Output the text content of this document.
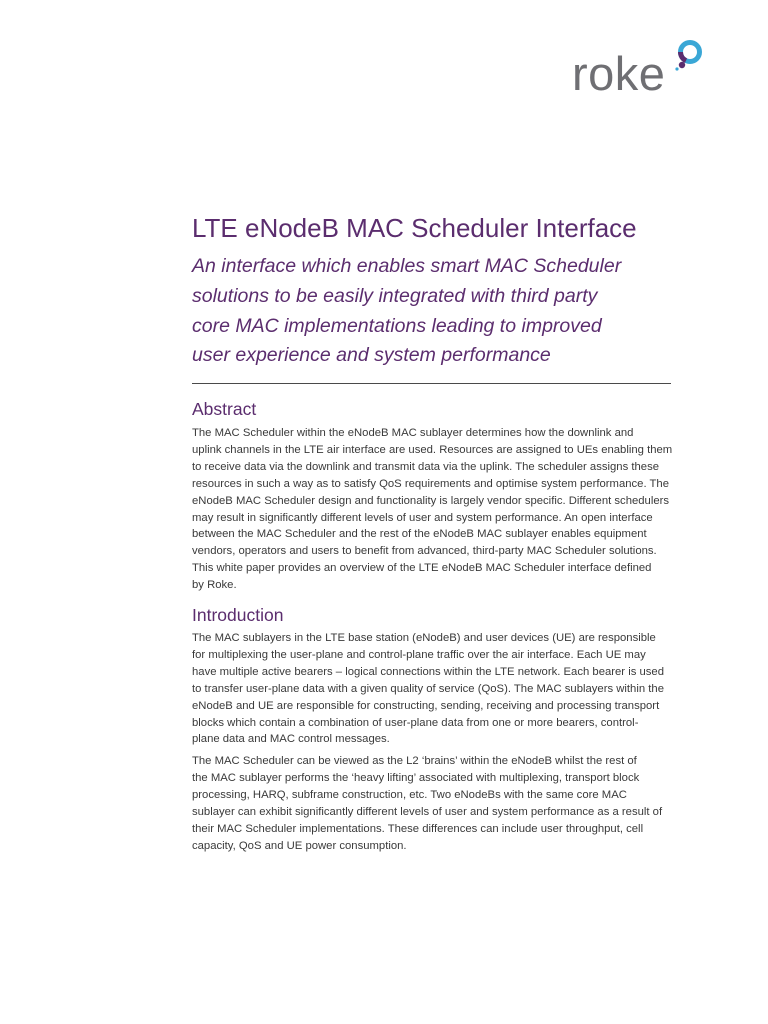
roke
LTE eNodeB MAC Scheduler Interface
An interface which enables smart MAC Scheduler
solutions to be easily integrated with third party
core MAC implementations leading to improved
user experience and system performance
Abstract
The MAC Scheduler within the eNodeB MAC sublayer determines how the downlink and
uplink channels in the LTE air interface are used. Resources are assigned to UEs enabling them
to receive data via the downlink and transmit data via the uplink. The scheduler assigns these
resources in such a way as to satisfy QoS requirements and optimise system performance. The
eNodeB MAC Scheduler design and functionality is largely vendor specific. Different schedulers
may result in significantly different levels of user and system performance. An open interface
between the MAC Scheduler and the rest of the eNodeB MAC sublayer enables equipment
vendors, operators and users to benefit from advanced, third-party MAC Scheduler solutions.
This white paper provides an overview of the LTE eNodeB MAC Scheduler interface defined
by Roke.
Introduction
The MAC sublayers in the LTE base station (eNodeB) and user devices (UE) are responsible
for multiplexing the user-plane and control-plane traffic over the air interface. Each UE may
have multiple active bearers – logical connections within the LTE network. Each bearer is used
to transfer user-plane data with a given quality of service (QoS). The MAC sublayers within the
eNodeB and UE are responsible for constructing, sending, receiving and processing transport
blocks which contain a combination of user-plane data from one or more bearers, control-
plane data and MAC control messages.
The MAC Scheduler can be viewed as the L2 ‘brains’ within the eNodeB whilst the rest of
the MAC sublayer performs the ‘heavy lifting’ associated with multiplexing, transport block
processing, HARQ, subframe construction, etc. Two eNodeBs with the same core MAC
sublayer can exhibit significantly different levels of user and system performance as a result of
their MAC Scheduler implementations. These differences can include user throughput, cell
capacity, QoS and UE power consumption.
